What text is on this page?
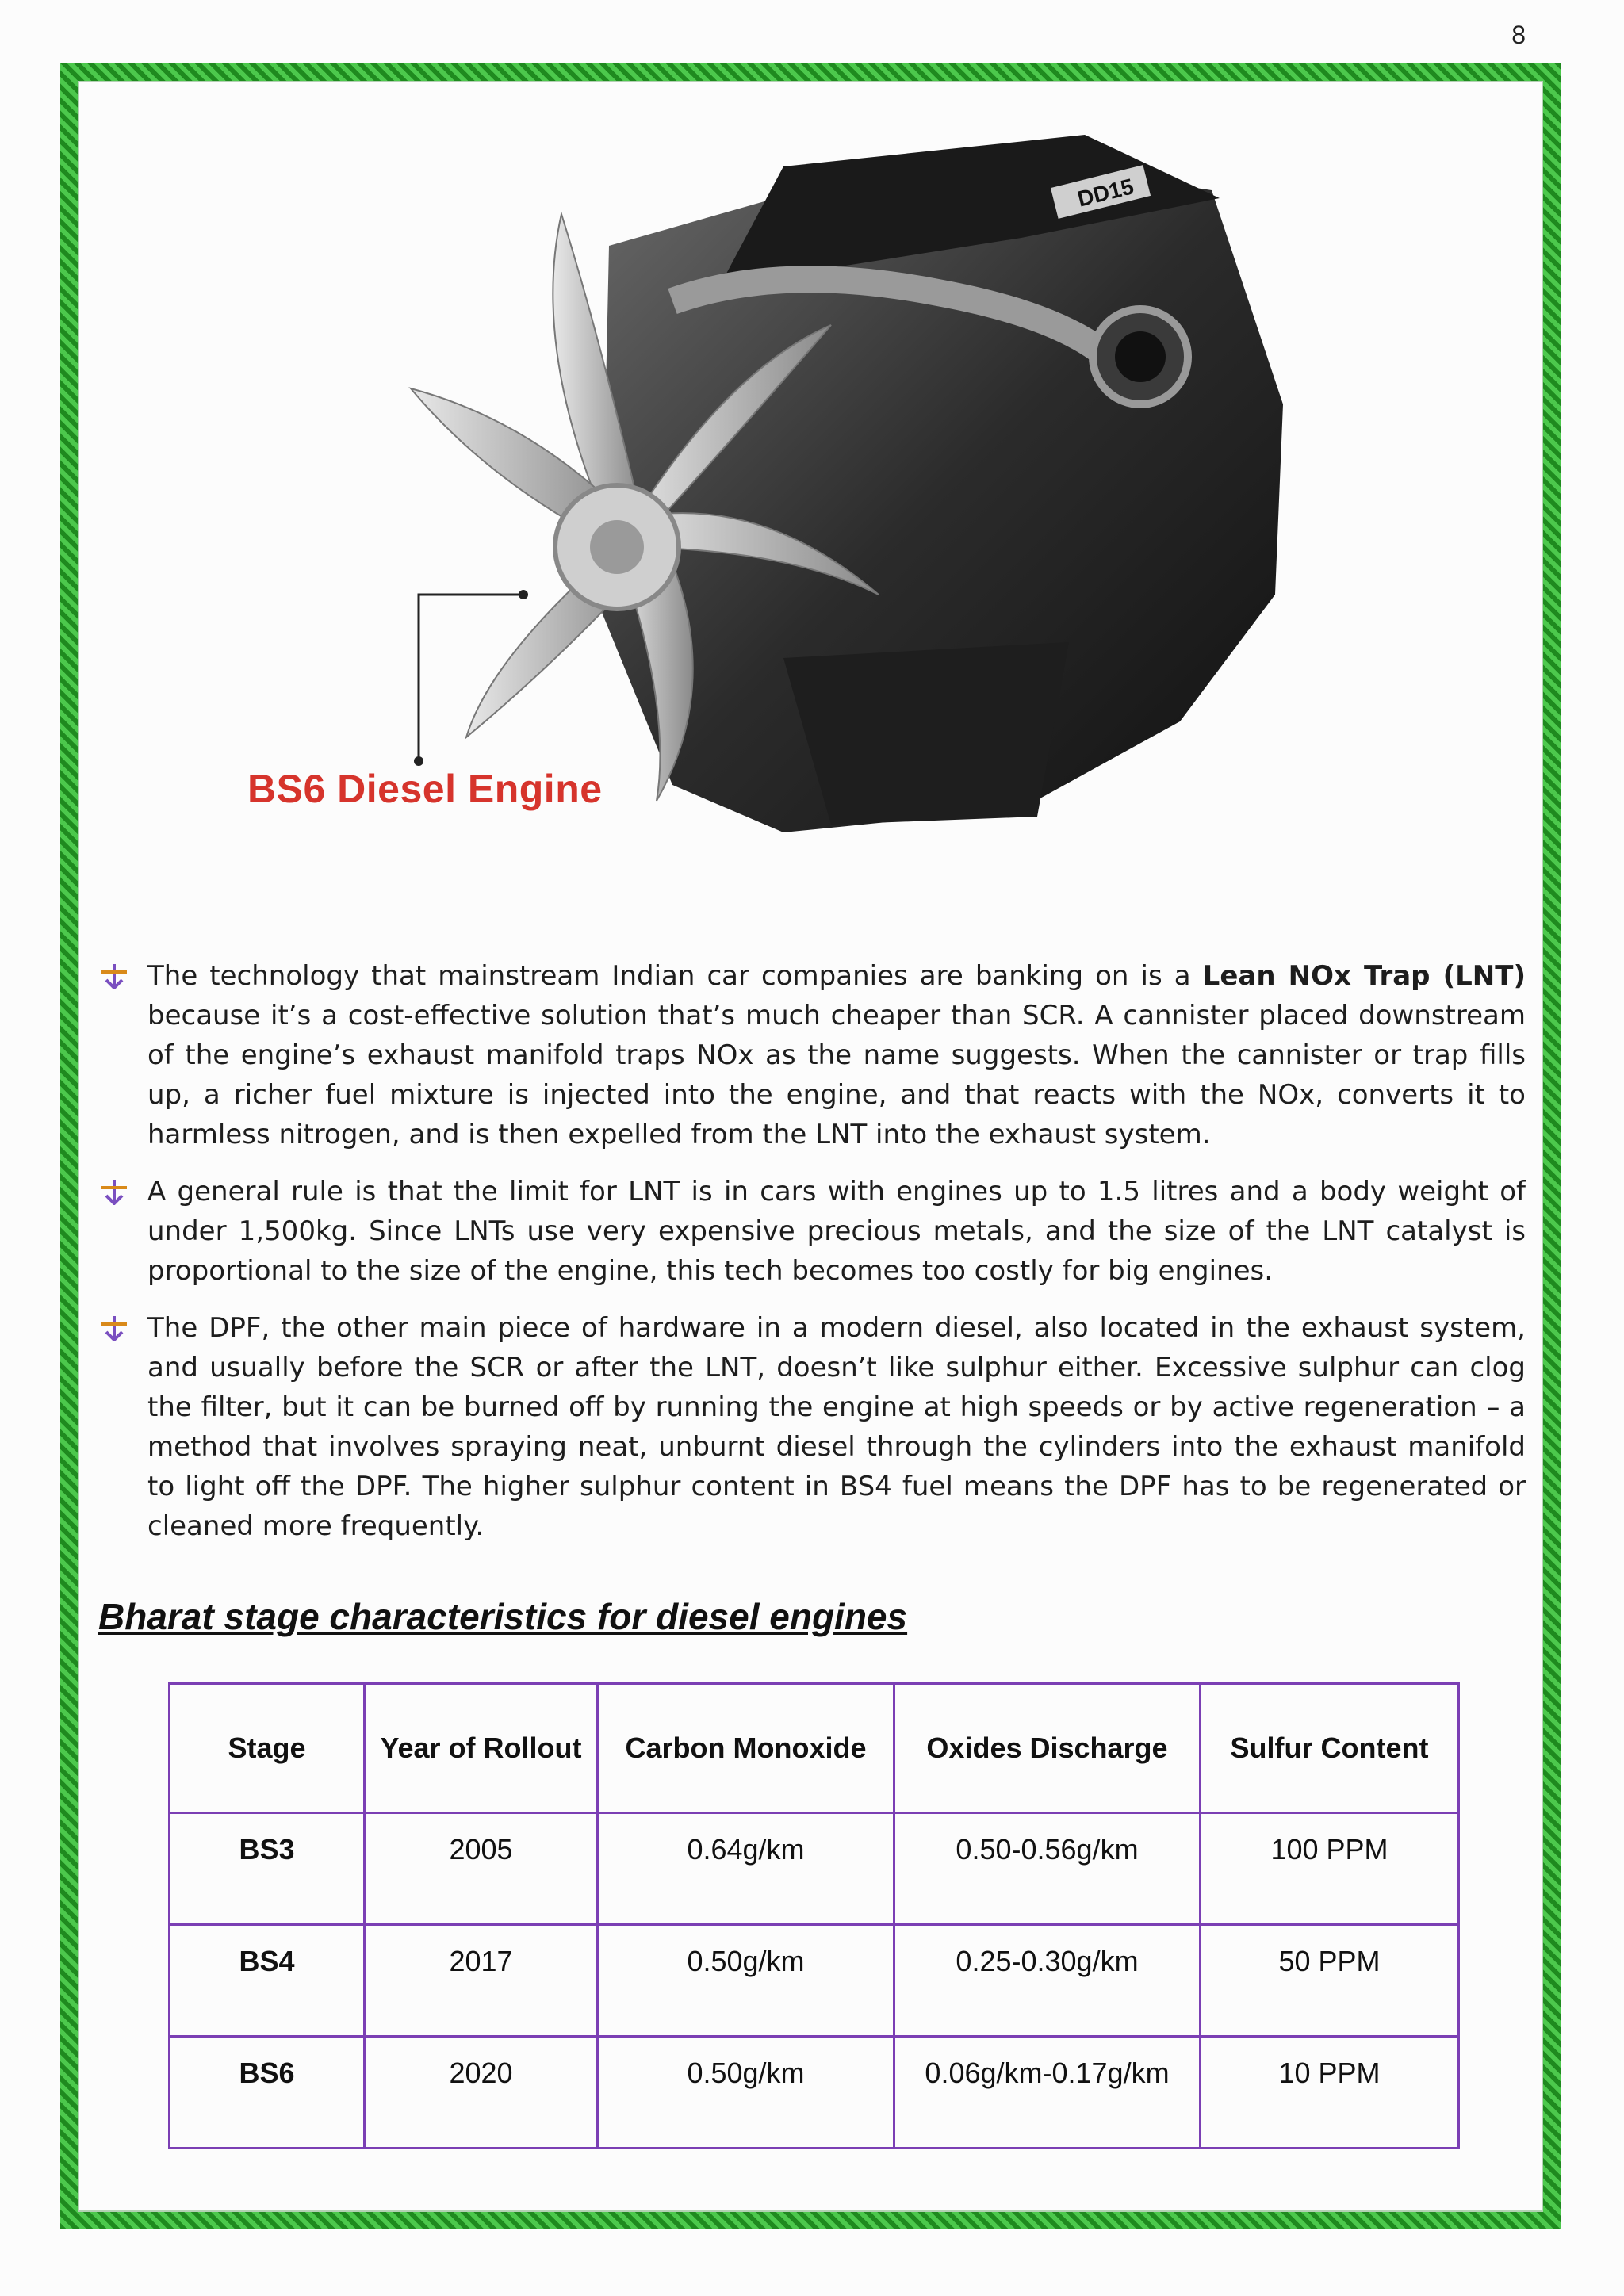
8
DD15
BS6 Diesel Engine
The technology that mainstream Indian car companies are banking on is a Lean NOx Trap (LNT) because it’s a cost-effective solution that’s much cheaper than SCR. A cannister placed downstream of the engine’s exhaust manifold traps NOx as the name suggests. When the cannister or trap fills up, a richer fuel mixture is injected into the engine, and that reacts with the NOx, converts it to harmless nitrogen, and is then expelled from the LNT into the exhaust system.
A general rule is that the limit for LNT is in cars with engines up to 1.5 litres and a body weight of under 1,500kg. Since LNTs use very expensive precious metals, and the size of the LNT catalyst is proportional to the size of the engine, this tech becomes too costly for big engines.
The DPF, the other main piece of hardware in a modern diesel, also located in the exhaust system, and usually before the SCR or after the LNT, doesn’t like sulphur either. Excessive sulphur can clog the filter, but it can be burned off by running the engine at high speeds or by active regeneration – a method that involves spraying neat, unburnt diesel through the cylinders into the exhaust manifold to light off the DPF. The higher sulphur content in BS4 fuel means the DPF has to be regenerated or cleaned more frequently.
Bharat stage characteristics for diesel engines
Stage	Year of Rollout	Carbon Monoxide	Oxides Discharge	Sulfur Content
BS3	2005	0.64g/km	0.50-0.56g/km	100 PPM
BS4	2017	0.50g/km	0.25-0.30g/km	50 PPM
BS6	2020	0.50g/km	0.06g/km-0.17g/km	10 PPM
